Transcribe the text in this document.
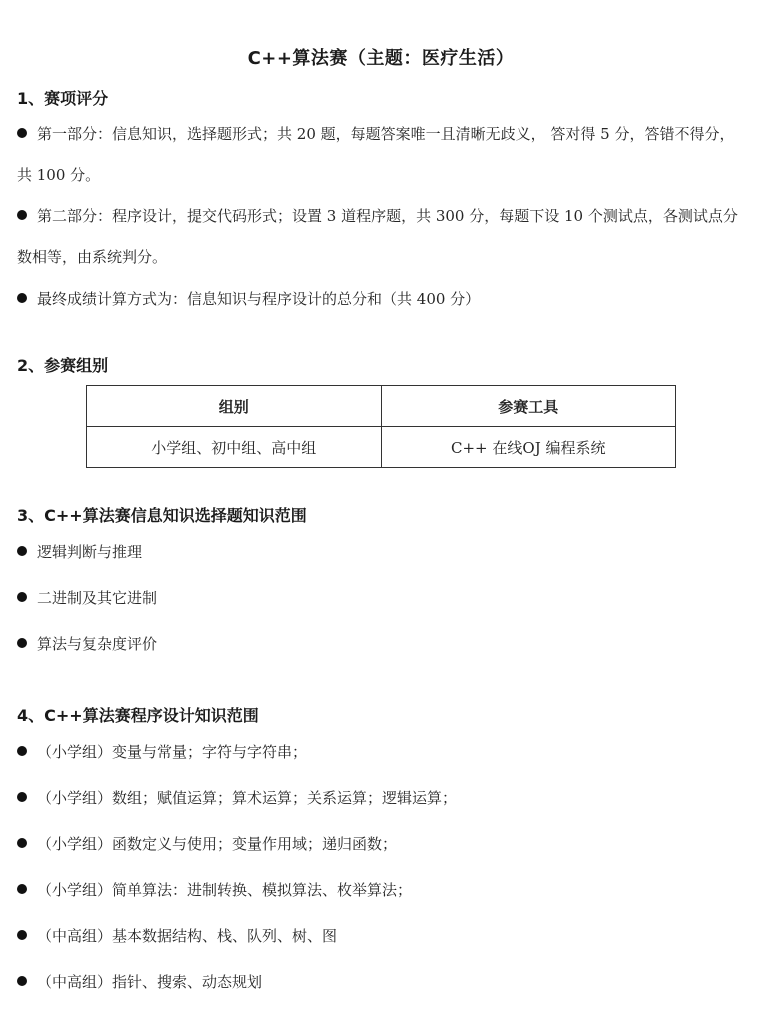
C++算法赛（主题：医疗生活）
1、赛项评分
第一部分：信息知识，选择题形式；共 20 题，每题答案唯一且清晰无歧义， 答对得 5 分，答错不得分，共 100 分。
第二部分：程序设计，提交代码形式；设置 3 道程序题，共 300 分，每题下设 10 个测试点，各测试点分数相等，由系统判分。
最终成绩计算方式为：信息知识与程序设计的总分和（共 400 分）
2、参赛组别
组别	参赛工具
小学组、初中组、高中组	C++ 在线OJ 编程系统
3、C++算法赛信息知识选择题知识范围
逻辑判断与推理
二进制及其它进制
算法与复杂度评价
4、C++算法赛程序设计知识范围
（小学组）变量与常量；字符与字符串；
（小学组）数组；赋值运算；算术运算；关系运算；逻辑运算；
（小学组）函数定义与使用；变量作用域；递归函数；
（小学组）简单算法：进制转换、模拟算法、枚举算法；
（中高组）基本数据结构、栈、队列、树、图
（中高组）指针、搜索、动态规划
